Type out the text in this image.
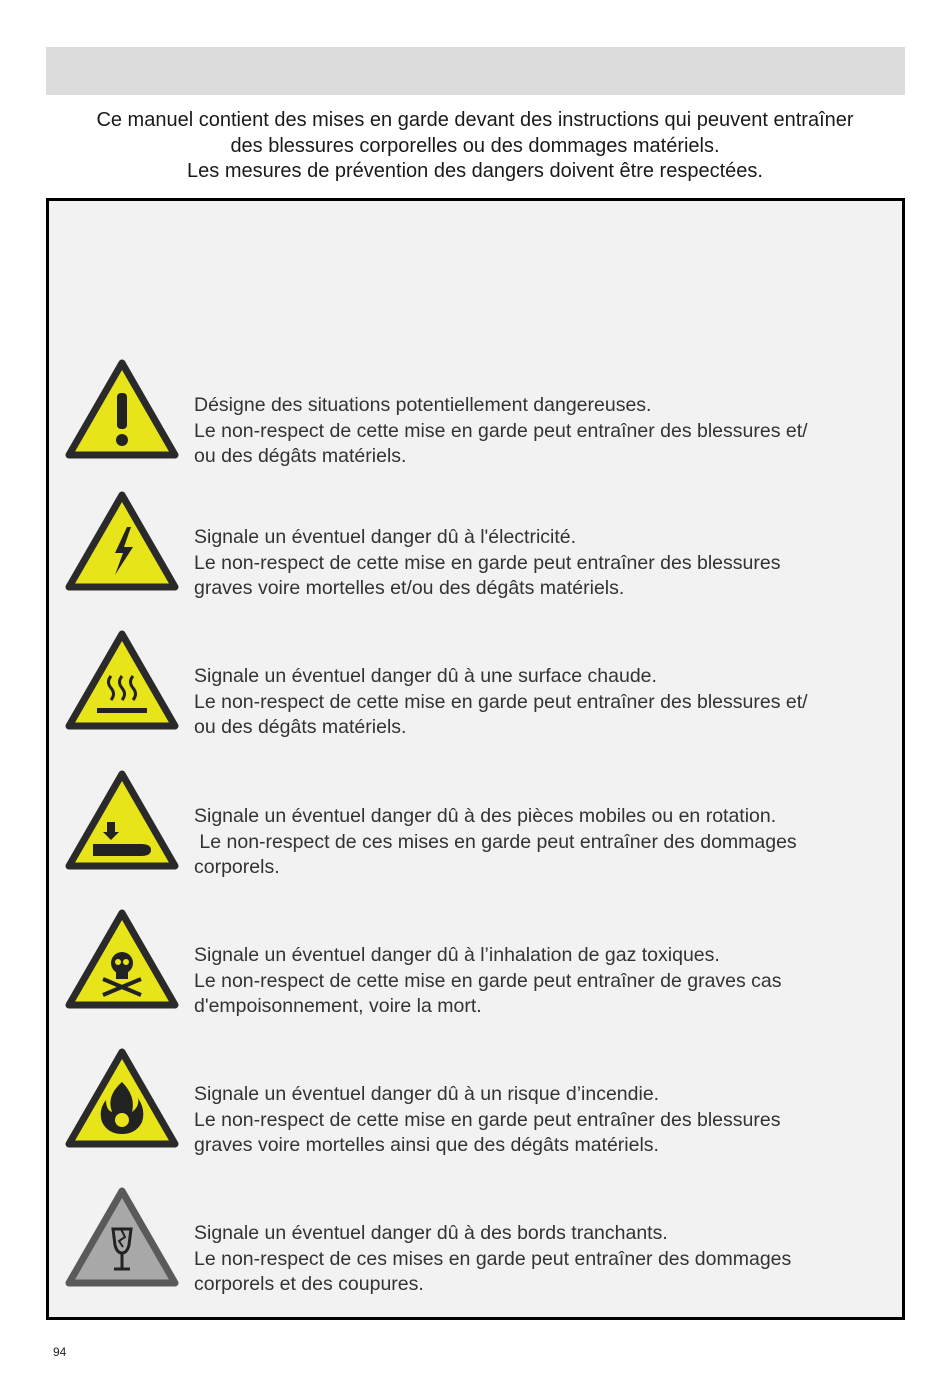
Ce manuel contient des mises en garde devant des instructions qui peuvent entraîner
des blessures corporelles ou des dommages matériels.
Les mesures de prévention des dangers doivent être respectées.
Désigne des situations potentiellement dangereuses.
Le non-respect de cette mise en garde peut entraîner des blessures et/
ou des dégâts matériels.
Signale un éventuel danger dû à l'électricité.
Le non-respect de cette mise en garde peut entraîner des blessures
graves voire mortelles et/ou des dégâts matériels.
Signale un éventuel danger dû à une surface chaude.
Le non-respect de cette mise en garde peut entraîner des blessures et/
ou des dégâts matériels.
Signale un éventuel danger dû à des pièces mobiles ou en rotation.
Le non-respect de ces mises en garde peut entraîner des dommages
corporels.
Signale un éventuel danger dû à l’inhalation de gaz toxiques.
Le non-respect de cette mise en garde peut entraîner de graves cas
d'empoisonnement, voire la mort.
Signale un éventuel danger dû à un risque d’incendie.
Le non-respect de cette mise en garde peut entraîner des blessures
graves voire mortelles ainsi que des dégâts matériels.
Signale un éventuel danger dû à des bords tranchants.
Le non-respect de ces mises en garde peut entraîner des dommages
corporels et des coupures.
94
